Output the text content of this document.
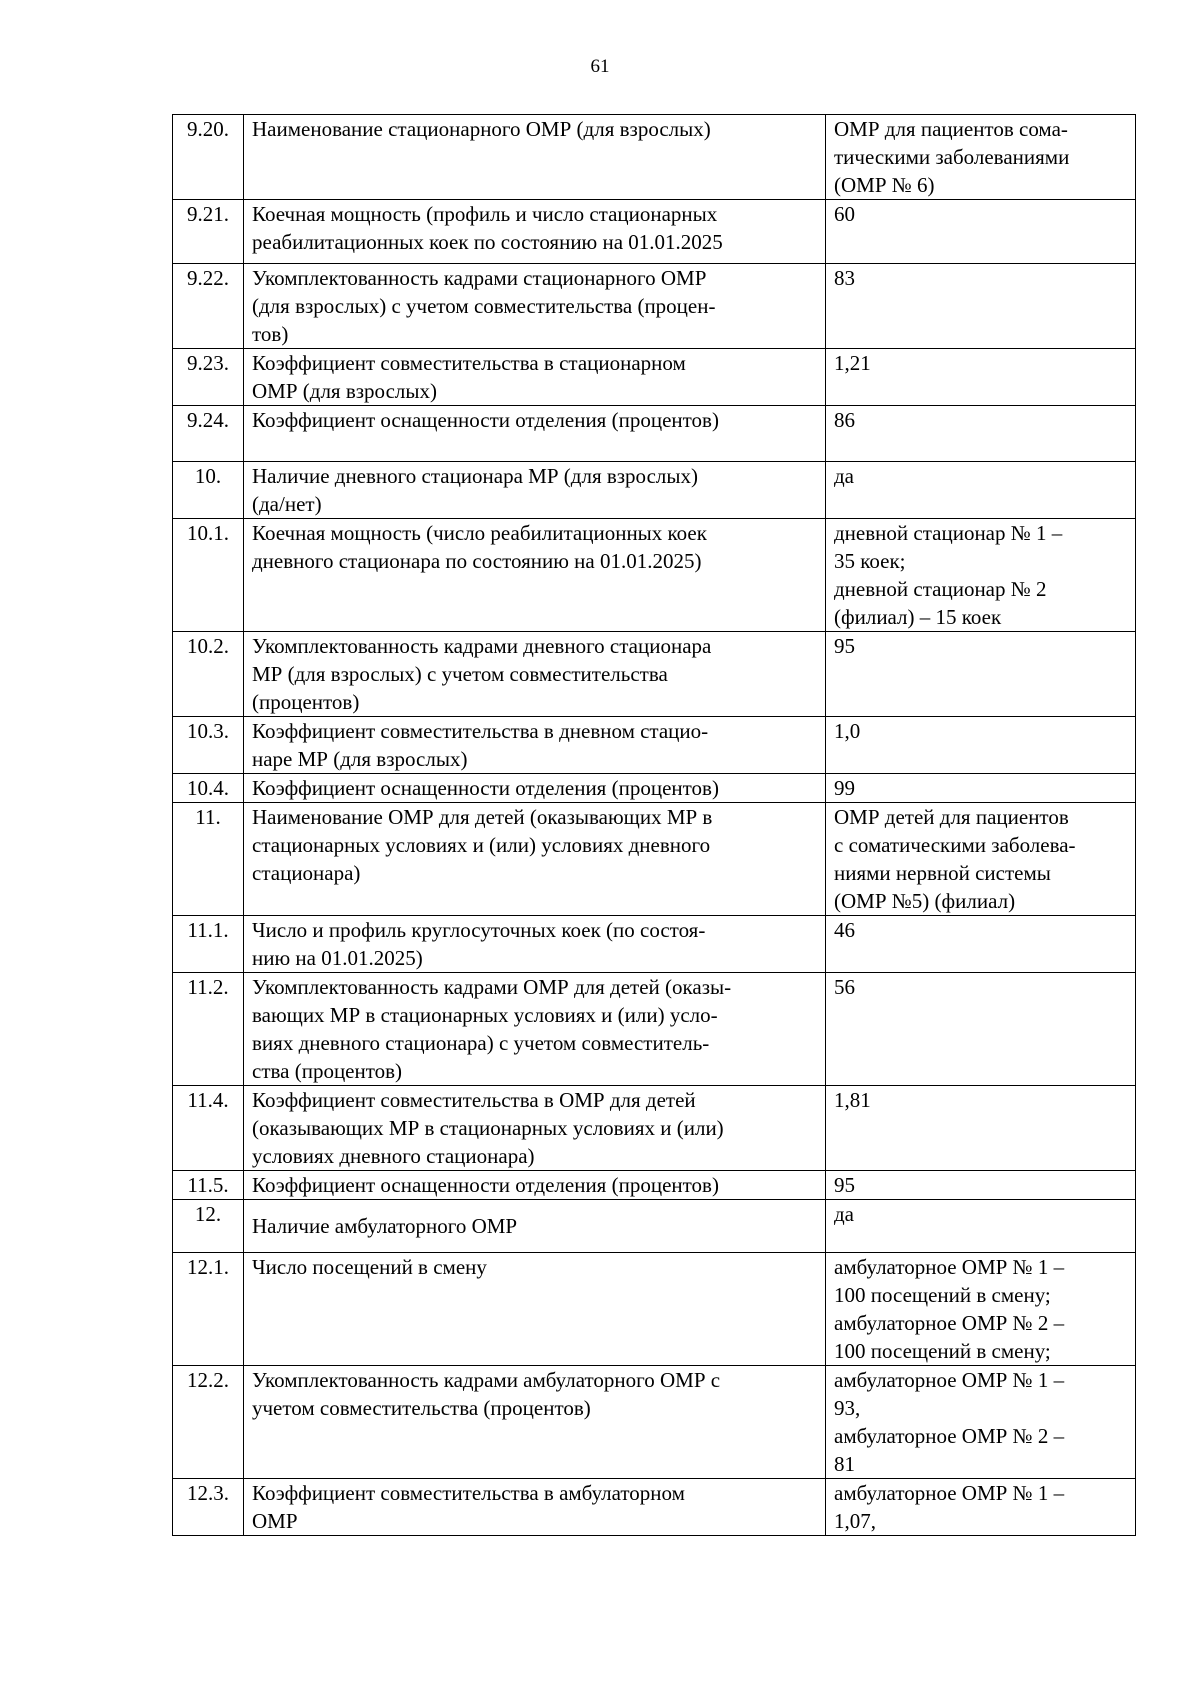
61
9.20.	Наименование стационарного ОМР (для взрослых)	ОМР для пациентов сома-
тическими заболеваниями
(ОМР № 6)

9.21.	Коечная мощность (профиль и число стационарных
реабилитационных коек по состоянию на 01.01.2025	60

9.22.	Укомплектованность кадрами стационарного ОМР
(для взрослых) с учетом совместительства (процен-
тов)	83

9.23.	Коэффициент совместительства в стационарном
ОМР (для взрослых)	1,21

9.24.	Коэффициент оснащенности отделения (процентов)	86

10.	Наличие дневного стационара МР (для взрослых)
(да/нет)	да

10.1.	Коечная мощность (число реабилитационных коек
дневного стационара по состоянию на 01.01.2025)	дневной стационар № 1 –
35 коек;
дневной стационар № 2
(филиал) – 15 коек

10.2.	Укомплектованность кадрами дневного стационара
МР (для взрослых) с учетом совместительства
(процентов)	95

10.3.	Коэффициент совместительства в дневном стацио-
наре МР (для взрослых)	1,0

10.4.	Коэффициент оснащенности отделения (процентов)	99

11.	Наименование ОМР для детей (оказывающих МР в
стационарных условиях и (или) условиях дневного
стационара)	ОМР детей для пациентов
с соматическими заболева-
ниями нервной системы
(ОМР №5) (филиал)

11.1.	Число и профиль круглосуточных коек (по состоя-
нию на 01.01.2025)	46

11.2.	Укомплектованность кадрами ОМР для детей (оказы-
вающих МР в стационарных условиях и (или) усло-
виях дневного стационара) с учетом совместитель-
ства (процентов)	56

11.4.	Коэффициент совместительства в ОМР для детей
(оказывающих МР в стационарных условиях и (или)
условиях дневного стационара)	1,81

11.5.	Коэффициент оснащенности отделения (процентов)	95

12.	Наличие амбулаторного ОМР	да

12.1.	Число посещений в смену	амбулаторное ОМР № 1 –
100 посещений в смену;
амбулаторное ОМР № 2 –
100 посещений в смену;

12.2.	Укомплектованность кадрами амбулаторного ОМР с
учетом совместительства (процентов)	амбулаторное ОМР № 1 –
93,
амбулаторное ОМР № 2 –
81

12.3.	Коэффициент совместительства в амбулаторном
ОМР	амбулаторное ОМР № 1 –
1,07,
